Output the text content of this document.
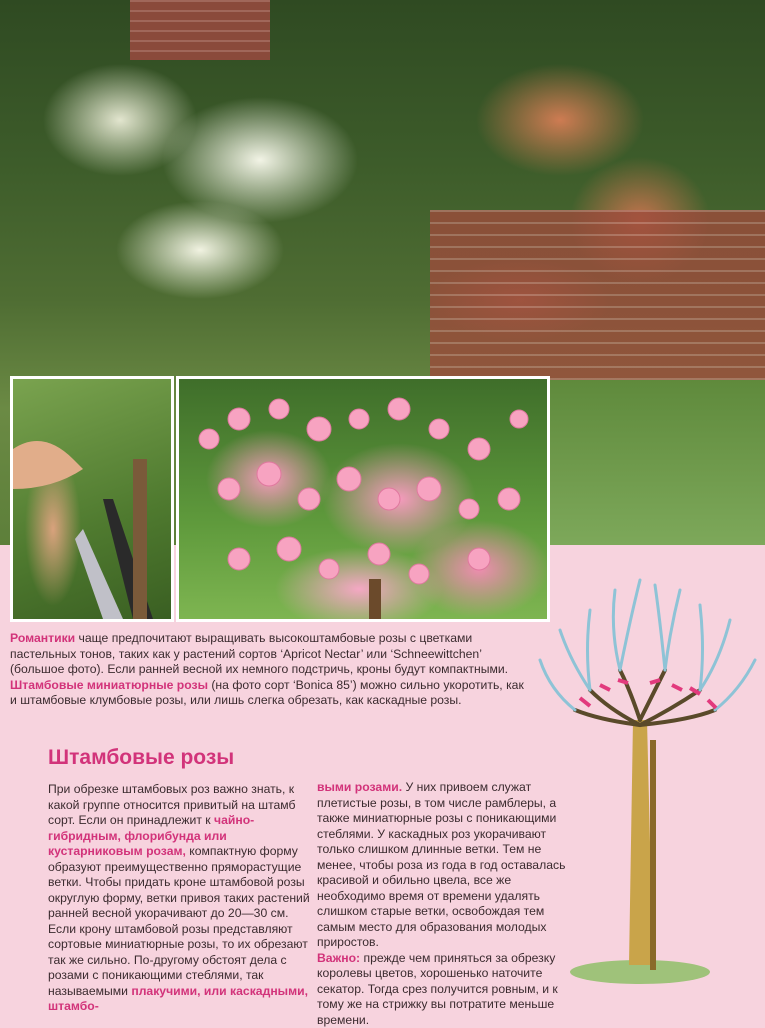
Романтики чаще предпочитают выращивать высокоштамбовые розы с цветками пастельных тонов, таких как у растений сортов ‘Apricot Nectar’ или ‘Schneewittchen’ (большое фото). Если ранней весной их немного подстричь, кроны будут компактными.
Штамбовые миниатюрные розы (на фото сорт ‘Bonica 85’) можно сильно укоротить, как и штамбовые клумбовые розы, или лишь слегка обрезать, как каскадные розы.
Штамбовые розы

При обрезке штамбовых роз важно знать, к какой группе относится привитый на штамб сорт. Если он принадлежит к чайно-гибридным, флорибунда или кустарниковым розам, компактную форму образуют преимущественно пряморастущие ветки. Чтобы придать кроне штамбовой розы округлую форму, ветки привоя таких растений ранней весной укорачивают до 20—30 см. Если крону штамбовой розы представляют сортовые миниатюрные розы, то их обрезают так же сильно. По-другому обстоят дела с розами с поникающими стеблями, так называемыми плакучими, или каскадными, штамбо-

выми розами. У них привоем служат плетистые розы, в том числе рамблеры, а также миниатюрные розы с поникающими стеблями. У каскадных роз укорачивают только слишком длинные ветки. Тем не менее, чтобы роза из года в год оставалась красивой и обильно цвела, все же необходимо время от времени удалять слишком старые ветки, освобождая тем самым место для образования молодых приростов.

Важно: прежде чем приняться за обрезку королевы цветов, хорошенько наточите секатор. Тогда срез получится ровным, и к тому же на стрижку вы потратите меньше времени.
